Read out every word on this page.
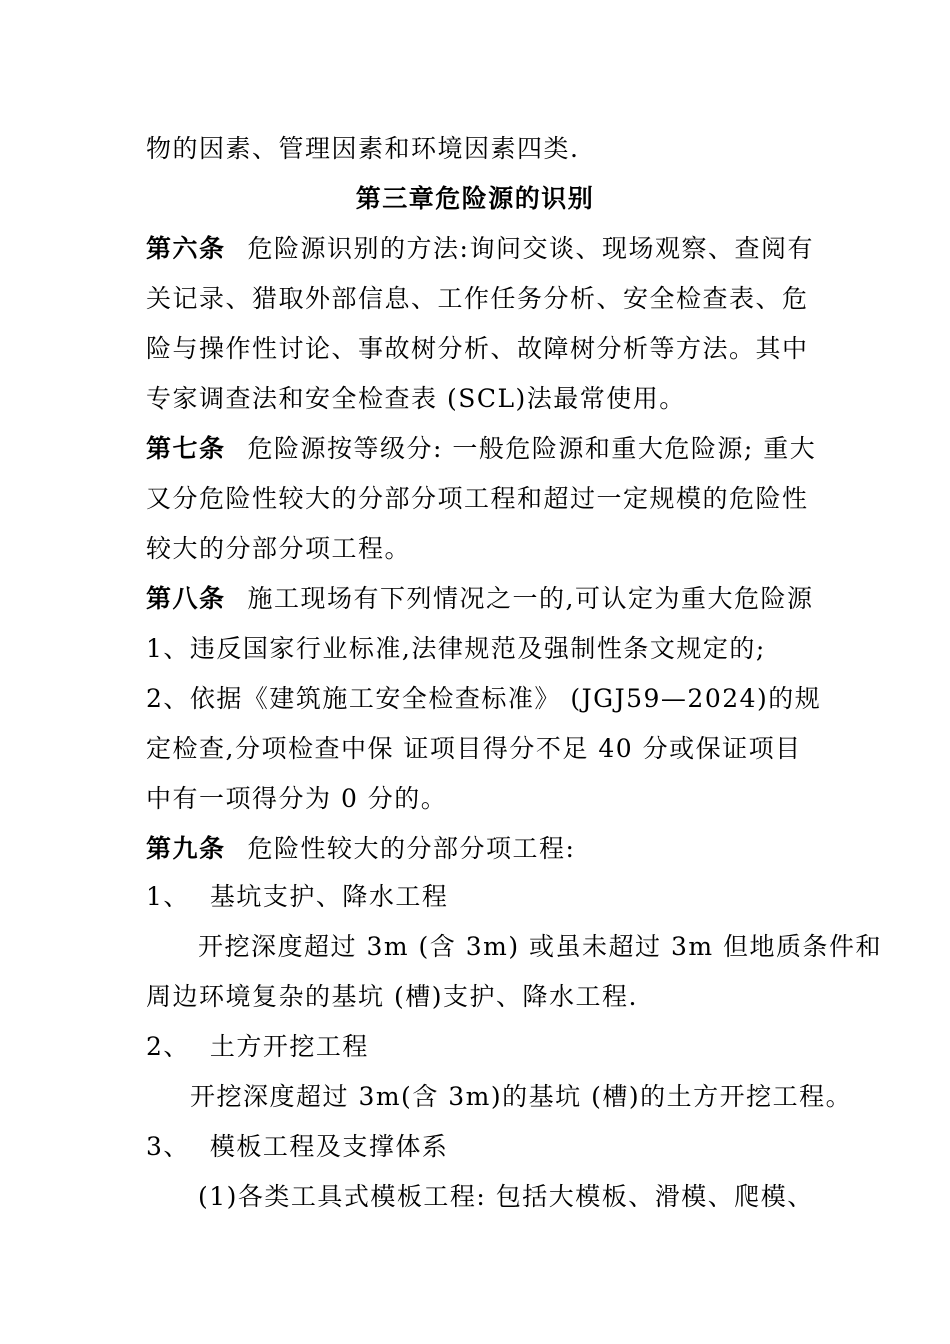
物的因素、管理因素和环境因素四类.
第三章危险源的识别
第六条 危险源识别的方法:询问交谈、现场观察、查阅有
关记录、猎取外部信息、工作任务分析、安全检查表、危
险与操作性讨论、事故树分析、故障树分析等方法。其中
专家调查法和安全检查表 (SCL)法最常使用。
第七条 危险源按等级分: 一般危险源和重大危险源; 重大
又分危险性较大的分部分项工程和超过一定规模的危险性
较大的分部分项工程。
第八条 施工现场有下列情况之一的,可认定为重大危险源
1、违反国家行业标准,法律规范及强制性条文规定的;
2、依据《建筑施工安全检查标准》 (JGJ59—2024)的规
定检查,分项检查中保 证项目得分不足 40 分或保证项目
中有一项得分为 0 分的。
第九条 危险性较大的分部分项工程:
1、 基坑支护、降水工程
开挖深度超过 3m (含 3m) 或虽未超过 3m 但地质条件和
周边环境复杂的基坑 (槽)支护、降水工程.
2、 土方开挖工程
开挖深度超过 3m(含 3m)的基坑 (槽)的土方开挖工程。
3、 模板工程及支撑体系
(1)各类工具式模板工程: 包括大模板、滑模、爬模、
